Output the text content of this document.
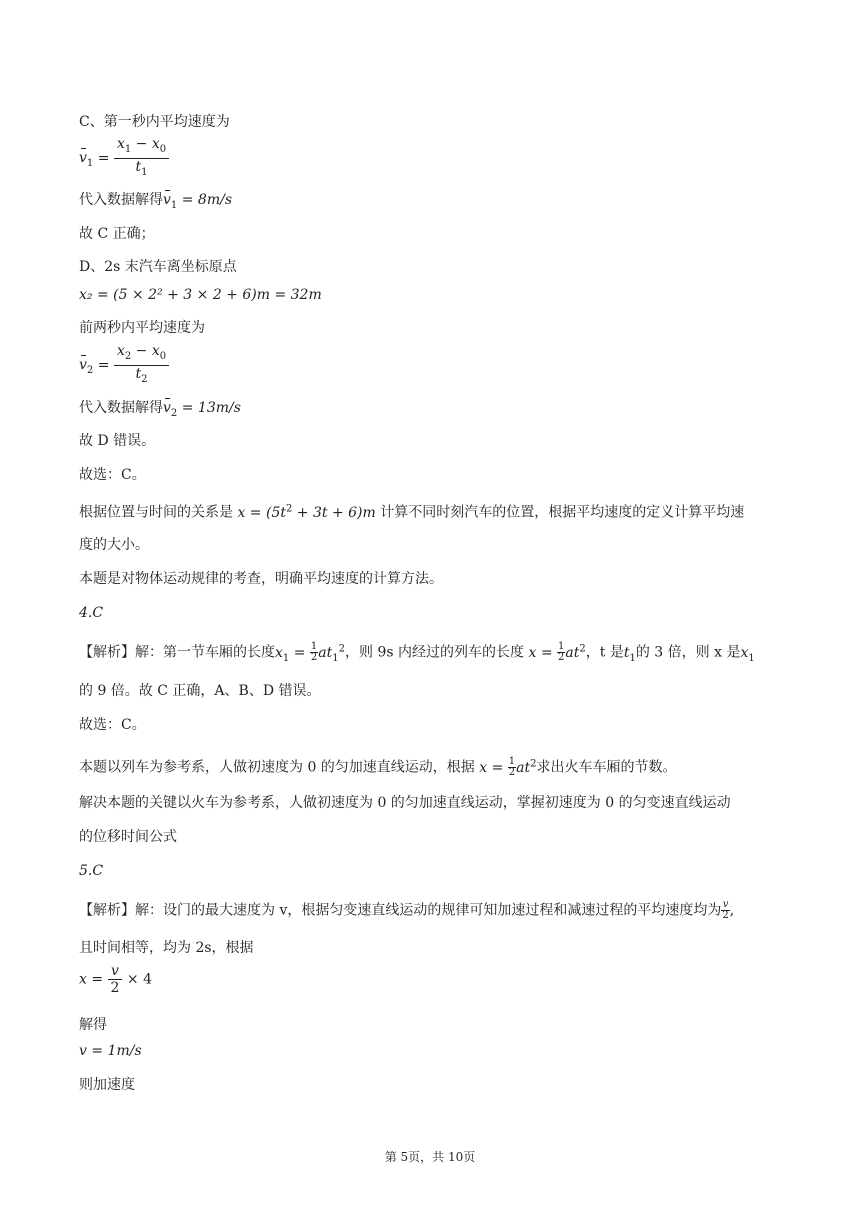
C、第一秒内平均速度为
$v_1 = \frac{x_1 - x_0}{t_1}$
代入数据解得$v_1 = 8m/s$
故 C 正确；
D、2s 末汽车离坐标原点
x₂ = (5 × 2² + 3 × 2 + 6)m = 32m
前两秒内平均速度为
$v_2 = \frac{x_2 - x_0}{t_2}$
代入数据解得$v_2 = 13m/s$
故 D 错误。
故选：C。
根据位置与时间的关系是 $x = (5t^2 + 3t + 6)m$ 计算不同时刻汽车的位置，根据平均速度的定义计算平均速
度的大小。
本题是对物体运动规律的考查，明确平均速度的计算方法。
4.C
【解析】解：第一节车厢的长度$x_1 = \frac{1}{2} at_1^2$，则 9s 内经过的列车的长度 $x = \frac{1}{2} at^2$，t 是$t_1$的 3 倍，则 x 是$x_1$
的 9 倍。故 C 正确，A、B、D 错误。
故选：C。
本题以列车为参考系，人做初速度为 0 的匀加速直线运动，根据 $x = \frac{1}{2} at^2$求出火车车厢的节数。
解决本题的关键以火车为参考系，人做初速度为 0 的匀加速直线运动，掌握初速度为 0 的匀变速直线运动
的位移时间公式
5.C
【解析】解：设门的最大速度为 v，根据匀变速直线运动的规律可知加速过程和减速过程的平均速度均为 $\frac{v}{2}$ ,
且时间相等，均为 2s，根据
$x = \frac{v}{2} \times 4$
解得
v = 1m/s
则加速度
第 5页，共 10页
